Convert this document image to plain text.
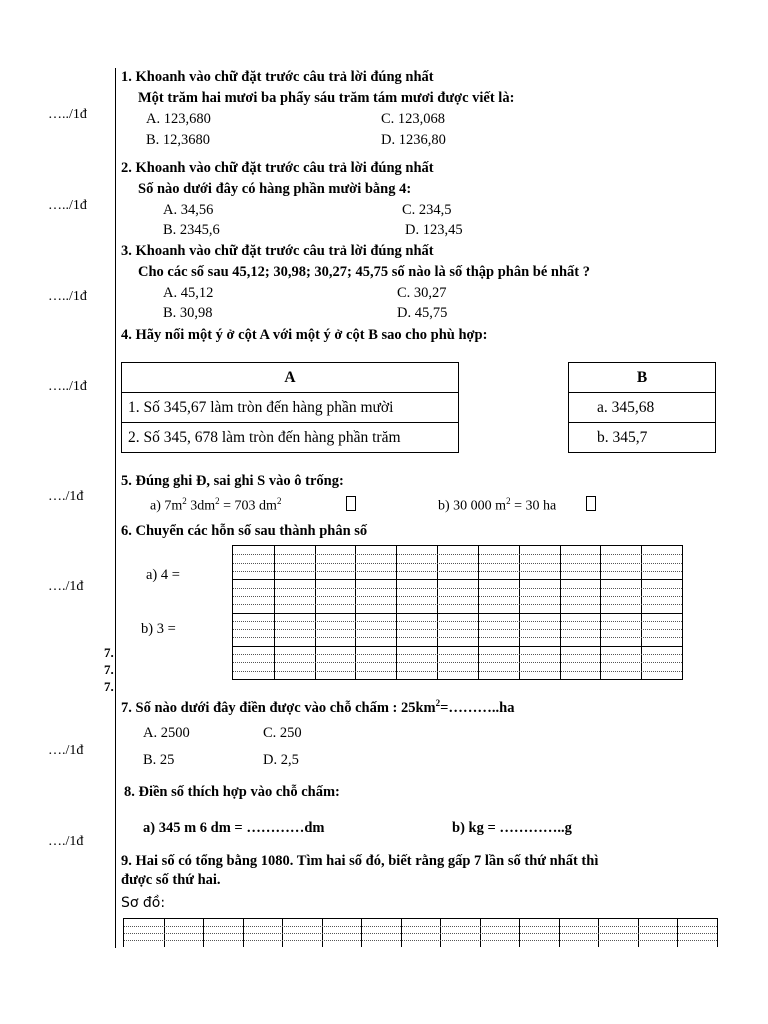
…../1đ
…../1đ
…../1đ
…../1đ
…./1đ
…./1đ
…./1đ
…./1đ
1. Khoanh vào chữ đặt trước câu trả lời đúng nhất
Một trăm hai mươi ba phẩy sáu trăm tám mươi được viết là:
A. 123,680
B. 12,3680
C. 123,068
D. 1236,80
2. Khoanh vào chữ đặt trước câu trả lời đúng nhất
Số nào dưới đây có hàng phần mười bằng 4:
A. 34,56
B. 2345,6
C. 234,5
D. 123,45
3. Khoanh vào chữ đặt trước câu trả lời đúng nhất
Cho các số sau 45,12; 30,98; 30,27; 45,75 số nào là số thập phân bé nhất ?
A. 45,12
B. 30,98
C. 30,27
D. 45,75
4. Hãy nối một ý ở cột A với một ý ở cột B sao cho phù hợp:
A
1. Số 345,67 làm tròn đến hàng phần mười
2. Số 345, 678 làm tròn đến hàng phần trăm
B
a. 345,68
b. 345,7
5. Đúng ghi Đ, sai ghi S vào ô trống:
a) $7m^2$ $3dm^2 = 703$ $dm^2$	b) 30 000 $m^2 = 30$ ha
6. Chuyển các hỗn số sau thành phân số
a) 4 =
b) 3 =
7.
7.
7.
7. Số nào dưới đây điền được vào chỗ chấm : $25km^2=\dots\dots\dots..ha$
A. 2500
B. 25
C. 250
D. 2,5
8. Điền số thích hợp vào chỗ chấm:
a) 345 m 6 dm = …………dm	b) kg = …………..g
9. Hai số có tổng bằng 1080. Tìm hai số đó, biết rằng gấp 7 lần số thứ nhất thì
được số thứ hai.
Sơ đồ:
